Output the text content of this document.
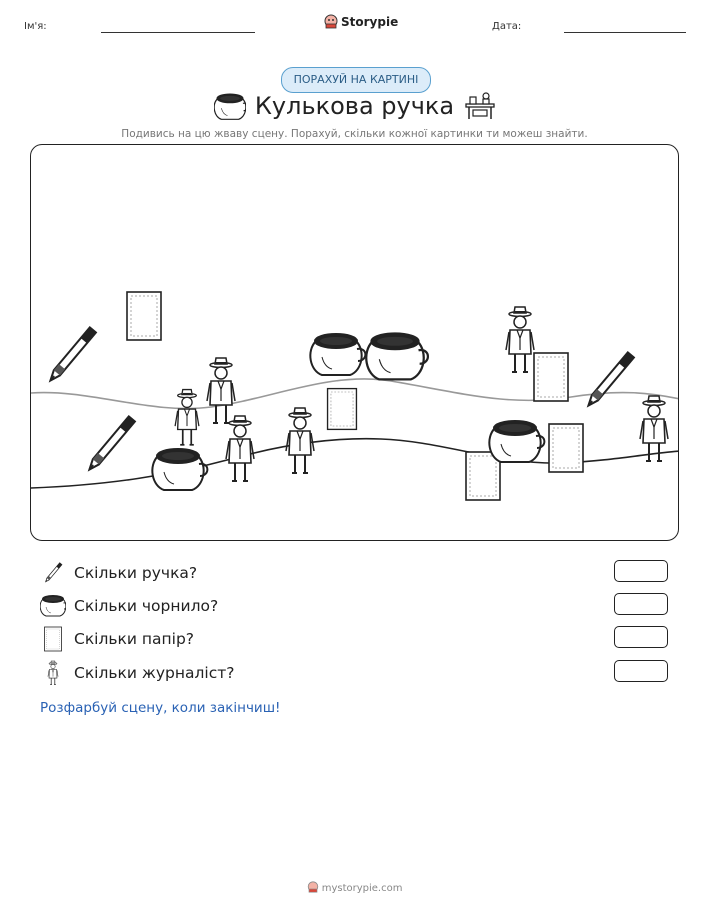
Ім'я:	Storypie	Дата:
ПОРАХУЙ НА КАРТИНІ
Кулькова ручка
Подивись на цю жваву сцену. Порахуй, скільки кожної картинки ти можеш знайти.
Скільки ручка?
Скільки чорнило?
Скільки папір?
Скільки журналіст?
Розфарбуй сцену, коли закінчиш!
mystorypie.com
